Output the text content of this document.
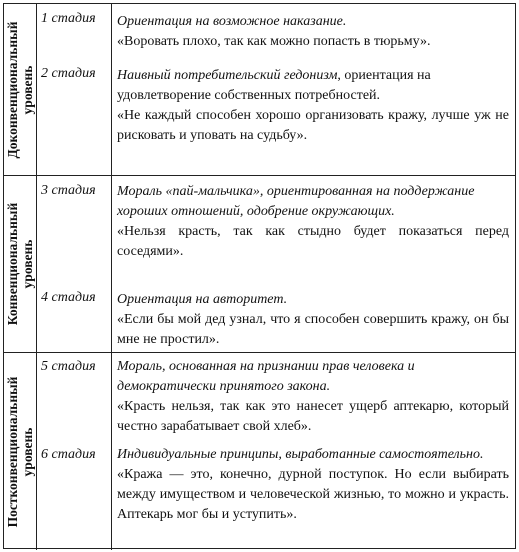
Доконвенциональный
уровень
1 стадия
2 стадия

Ориентация на возможное наказание.

«Воровать плохо, так как можно попасть в тюрьму».

Наивный потребительский гедонизм, ориентация на удовлетворение собственных потребностей.

«Не каждый способен хорошо организовать кражу, лучше уж не рисковать и уповать на судьбу».

Конвенциональный
уровень
3 стадия
4 стадия

Мораль «пай-мальчика», ориентированная на поддержание хороших отношений, одобрение окружающих.

«Нельзя красть, так как стыдно будет показаться перед соседями».

Ориентация на авторитет.

«Если бы мой дед узнал, что я способен совершить кражу, он бы мне не простил».

Постконвенциональный
уровень
5 стадия
6 стадия

Мораль, основанная на признании прав человека и демократически принятого закона.

«Красть нельзя, так как это нанесет ущерб аптекарю, который честно зарабатывает свой хлеб».

Индивидуальные принципы, выработанные самостоятельно.

«Кража — это, конечно, дурной поступок. Но если выбирать между имуществом и человеческой жизнью, то можно и украсть. Аптекарь мог бы и уступить».
